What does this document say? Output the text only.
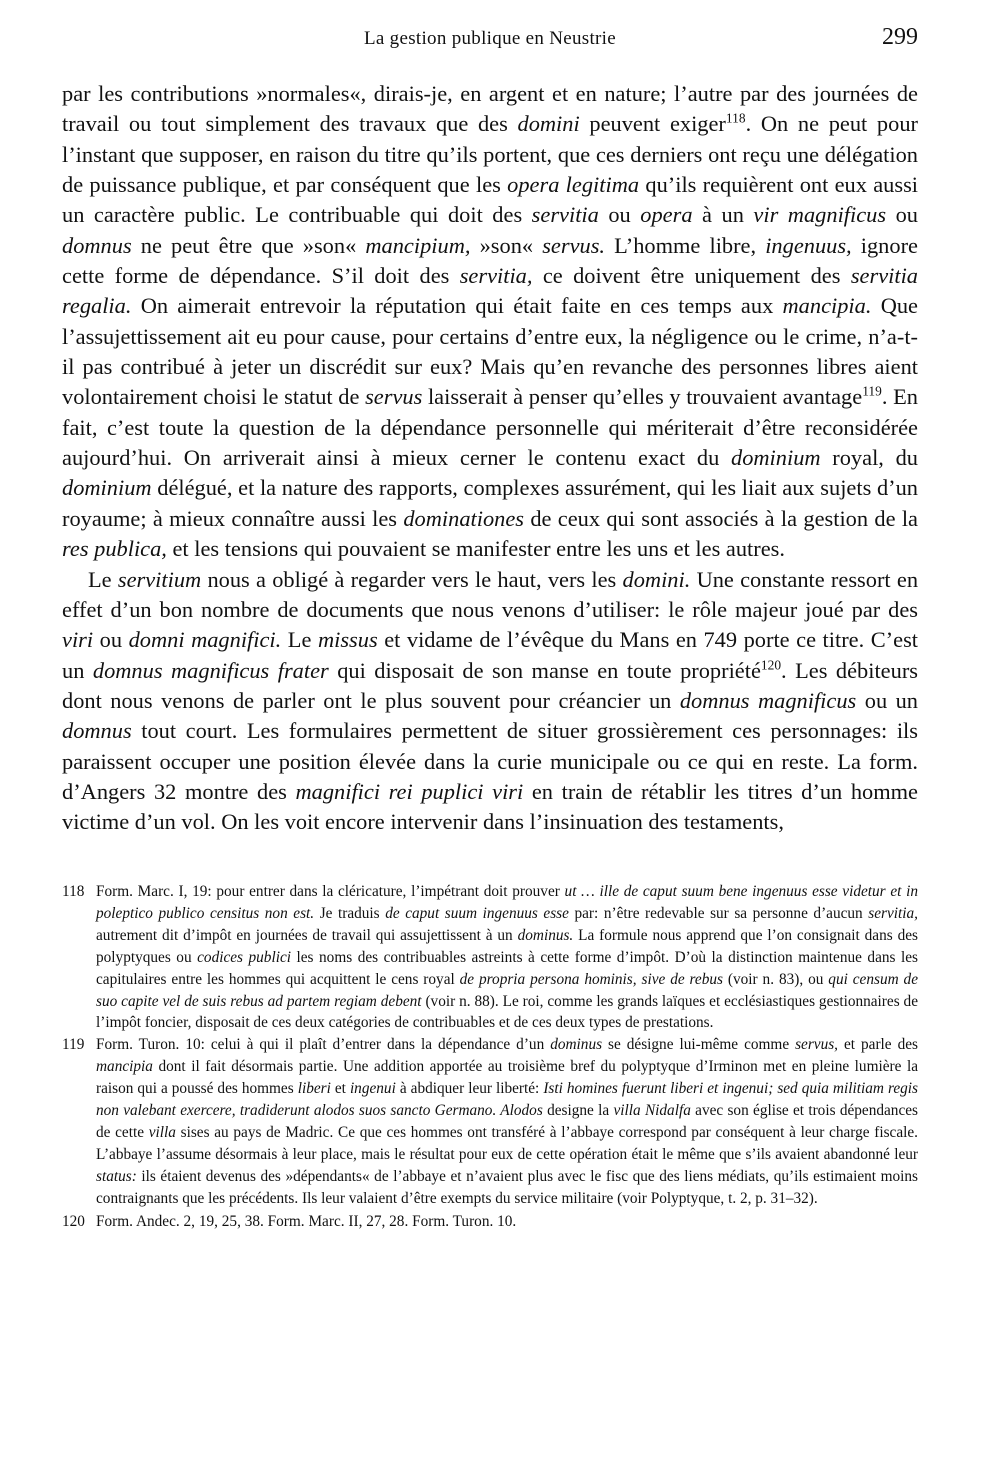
La gestion publique en Neustrie	299

par les contributions »normales«, dirais-je, en argent et en nature; l’autre par des journées de travail ou tout simplement des travaux que des domini peuvent exiger$^{118}$. On ne peut pour l’instant que supposer, en raison du titre qu’ils portent, que ces derniers ont reçu une délégation de puissance publique, et par conséquent que les opera legitima qu’ils requièrent ont eux aussi un caractère public. Le contribuable qui doit des servitia ou opera à un vir magnificus ou domnus ne peut être que »son« mancipium, »son« servus. L’homme libre, ingenuus, ignore cette forme de dépendance. S’il doit des servitia, ce doivent être uniquement des servitia regalia. On aimerait entrevoir la réputation qui était faite en ces temps aux mancipia. Que l’assujettissement ait eu pour cause, pour certains d’entre eux, la négligence ou le crime, n’a-t-il pas contribué à jeter un discrédit sur eux? Mais qu’en revanche des personnes libres aient volontairement choisi le statut de servus laisserait à penser qu’elles y trouvaient avantage$^{119}$. En fait, c’est toute la question de la dépendance personnelle qui mériterait d’être reconsidérée aujourd’hui. On arriverait ainsi à mieux cerner le contenu exact du dominium royal, du dominium délégué, et la nature des rapports, complexes assurément, qui les liait aux sujets d’un royaume; à mieux connaître aussi les dominationes de ceux qui sont associés à la gestion de la res publica, et les tensions qui pouvaient se manifester entre les uns et les autres.

Le servitium nous a obligé à regarder vers le haut, vers les domini. Une constante ressort en effet d’un bon nombre de documents que nous venons d’utiliser: le rôle majeur joué par des viri ou domni magnifici. Le missus et vidame de l’évêque du Mans en 749 porte ce titre. C’est un domnus magnificus frater qui disposait de son manse en toute propriété$^{120}$. Les débiteurs dont nous venons de parler ont le plus souvent pour créancier un domnus magnificus ou un domnus tout court. Les formulaires permettent de situer grossièrement ces personnages: ils paraissent occuper une position élevée dans la curie municipale ou ce qui en reste. La form. d’Angers 32 montre des magnifici rei puplici viri en train de rétablir les titres d’un homme victime d’un vol. On les voit encore intervenir dans l’insinuation des testaments,

118 Form. Marc. I, 19: pour entrer dans la cléricature, l’impétrant doit prouver ut … ille de caput suum bene ingenuus esse videtur et in poleptico publico censitus non est. Je traduis de caput suum ingenuus esse par: n’être redevable sur sa personne d’aucun servitia, autrement dit d’impôt en journées de travail qui assujettissent à un dominus. La formule nous apprend que l’on consignait dans des polyptyques ou codices publici les noms des contribuables astreints à cette forme d’impôt. D’où la distinction maintenue dans les capitulaires entre les hommes qui acquittent le cens royal de propria persona hominis, sive de rebus (voir n. 83), ou qui censum de suo capite vel de suis rebus ad partem regiam debent (voir n. 88). Le roi, comme les grands laïques et ecclésiastiques gestionnaires de l’impôt foncier, disposait de ces deux catégories de contribuables et de ces deux types de prestations.
119 Form. Turon. 10: celui à qui il plaît d’entrer dans la dépendance d’un dominus se désigne lui-même comme servus, et parle des mancipia dont il fait désormais partie. Une addition apportée au troisième bref du polyptyque d’Irminon met en pleine lumière la raison qui a poussé des hommes liberi et ingenui à abdiquer leur liberté: Isti homines fuerunt liberi et ingenui; sed quia militiam regis non valebant exercere, tradiderunt alodos suos sancto Germano. Alodos designe la villa Nidalfa avec son église et trois dépendances de cette villa sises au pays de Madric. Ce que ces hommes ont transféré à l’abbaye correspond par conséquent à leur charge fiscale. L’abbaye l’assume désormais à leur place, mais le résultat pour eux de cette opération était le même que s’ils avaient abandonné leur status: ils étaient devenus des »dépendants« de l’abbaye et n’avaient plus avec le fisc que des liens médiats, qu’ils estimaient moins contraignants que les précédents. Ils leur valaient d’être exempts du service militaire (voir Polyptyque, t. 2, p. 31–32).
120 Form. Andec. 2, 19, 25, 38. Form. Marc. II, 27, 28. Form. Turon. 10.
